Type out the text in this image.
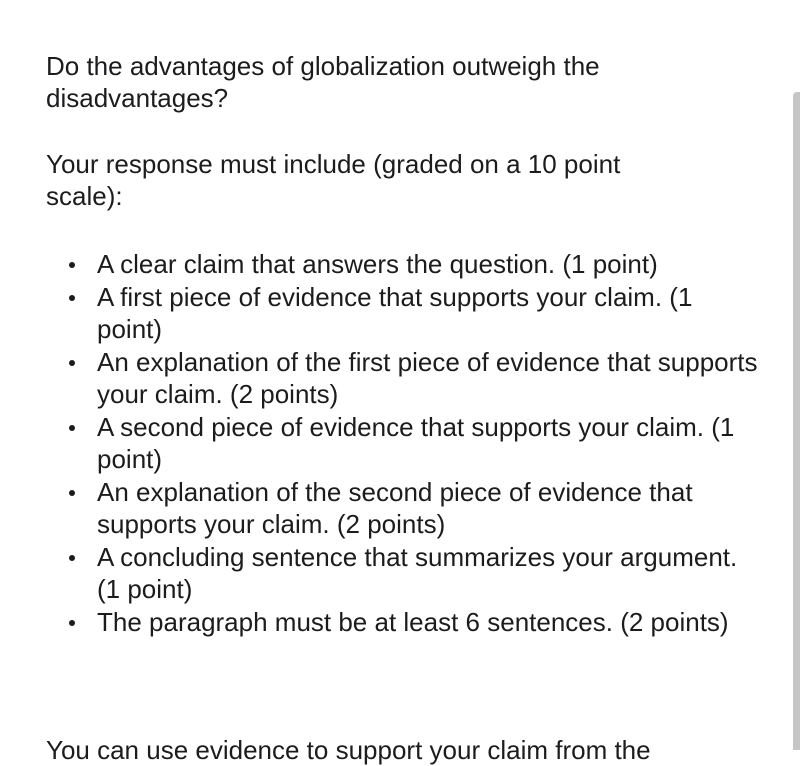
Do the advantages of globalization outweigh the disadvantages?

Your response must include (graded on a 10 point scale):

A clear claim that answers the question. (1 point)
A first piece of evidence that supports your claim. (1 point)
An explanation of the first piece of evidence that supports your claim. (2 points)
A second piece of evidence that supports your claim. (1 point)
An explanation of the second piece of evidence that supports your claim. (2 points)
A concluding sentence that summarizes your argument. (1 point)
The paragraph must be at least 6 sentences. (2 points)
You can use evidence to support your claim from the
